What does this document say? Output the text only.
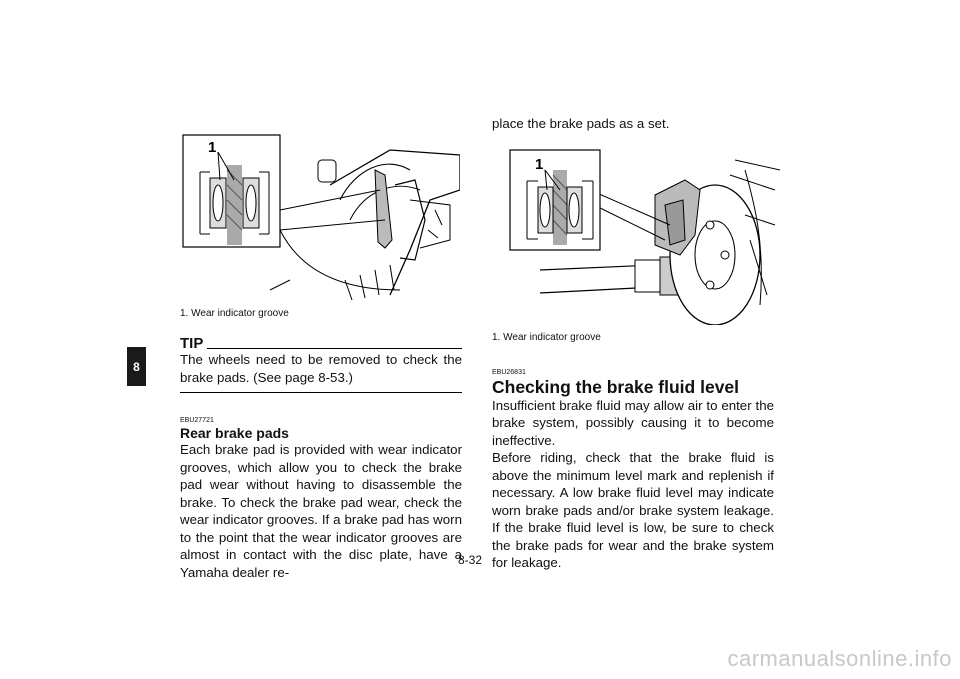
8
1
1. Wear indicator groove
TIP
The wheels need to be removed to check the brake pads. (See page 8-53.)
EBU27721
Rear brake pads
Each brake pad is provided with wear indicator grooves, which allow you to check the brake pad wear without having to disassemble the brake. To check the brake pad wear, check the wear indicator grooves. If a brake pad has worn to the point that the wear indicator grooves are almost in contact with the disc plate, have a Yamaha dealer re-
1
place the brake pads as a set.
1. Wear indicator groove
EBU26831
Checking the brake fluid level
Insufficient brake fluid may allow air to enter the brake system, possibly causing it to become ineffective.
Before riding, check that the brake fluid is above the minimum level mark and replenish if necessary. A low brake fluid level may indicate worn brake pads and/or brake system leakage. If the brake fluid level is low, be sure to check the brake pads for wear and the brake system for leakage.
8-32
carmanualsonline.info
